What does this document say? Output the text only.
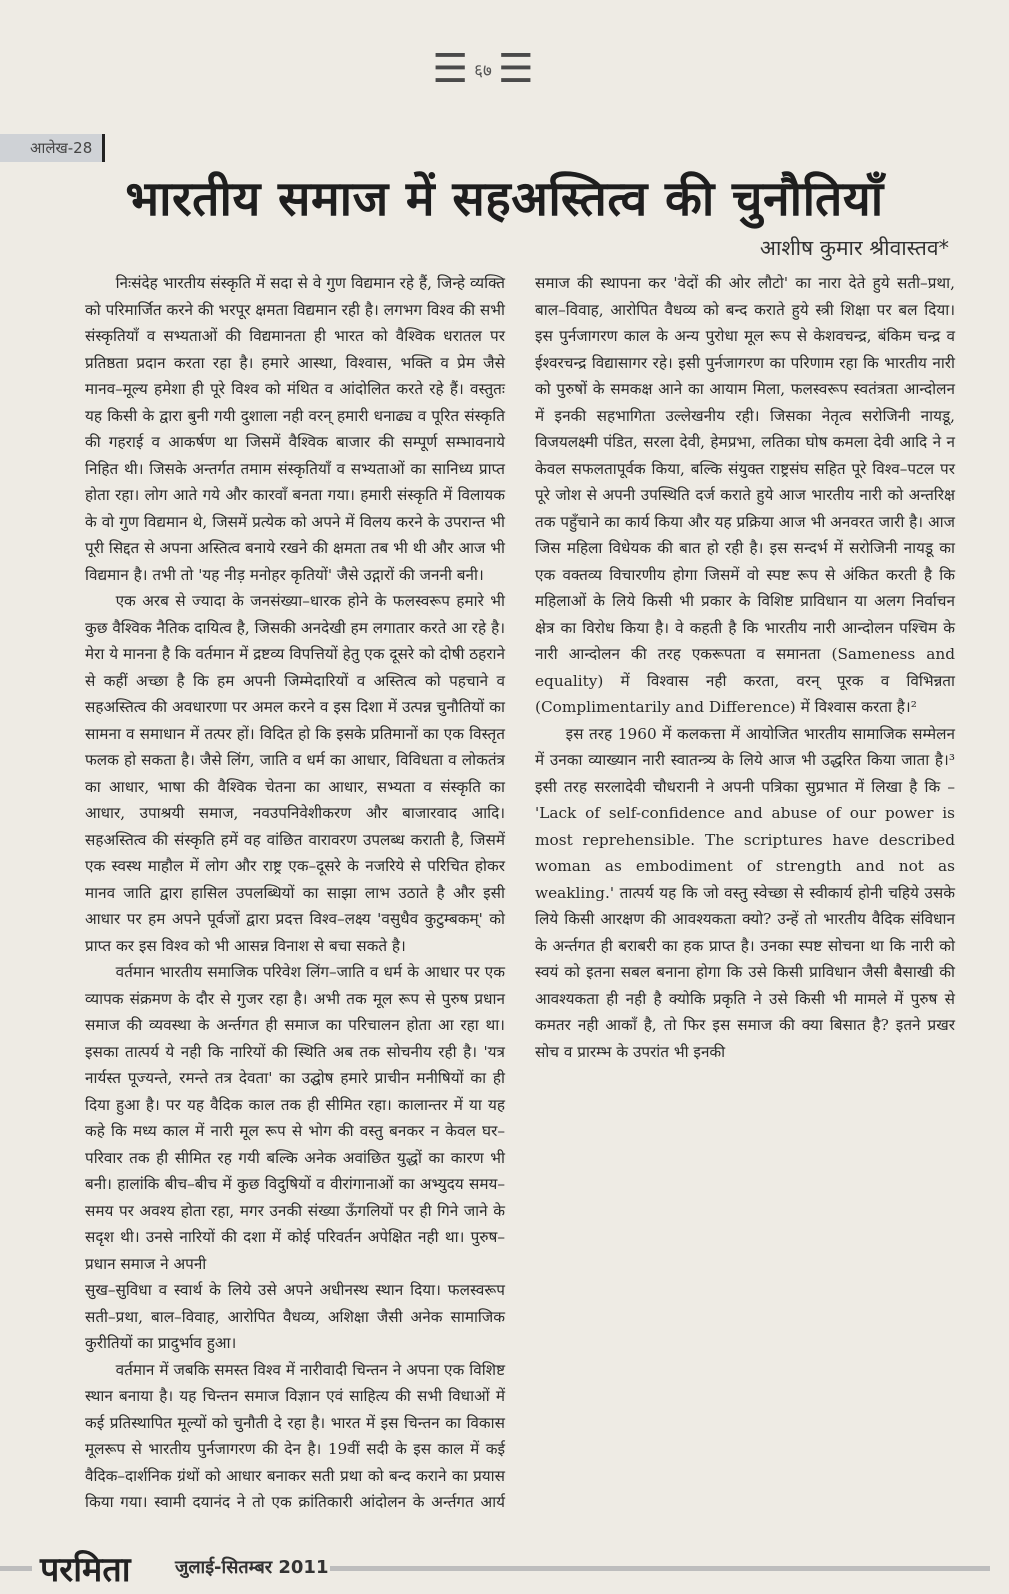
☰ ६७ ☰
आलेख-28
भारतीय समाज में सहअस्तित्व की चुनौतियाँ
आशीष कुमार श्रीवास्तव*

निःसंदेह भारतीय संस्कृति में सदा से वे गुण विद्यमान रहे हैं, जिन्हे व्यक्ति को परिमार्जित करने की भरपूर क्षमता विद्यमान रही है। लगभग विश्व की सभी संस्कृतियाँ व सभ्यताओं की विद्यमानता ही भारत को वैश्विक धरातल पर प्रतिष्ठता प्रदान करता रहा है। हमारे आस्था, विश्वास, भक्ति व प्रेम जैसे मानव–मूल्य हमेशा ही पूरे विश्व को मंथित व आंदोलित करते रहे हैं। वस्तुतः यह किसी के द्वारा बुनी गयी दुशाला नही वरन् हमारी धनाढ्य व पूरित संस्कृति की गहराई व आकर्षण था जिसमें वैश्विक बाजार की सम्पूर्ण सम्भावनाये निहित थी। जिसके अन्तर्गत तमाम संस्कृतियाँ व सभ्यताओं का सानिध्य प्राप्त होता रहा। लोग आते गये और कारवाँ बनता गया। हमारी संस्कृति में विलायक के वो गुण विद्यमान थे, जिसमें प्रत्येक को अपने में विलय करने के उपरान्त भी पूरी सिद्दत से अपना अस्तित्व बनाये रखने की क्षमता तब भी थी और आज भी विद्यमान है। तभी तो 'यह नीड़ मनोहर कृतियों' जैसे उद्गारों की जननी बनी।

एक अरब से ज्यादा के जनसंख्या–धारक होने के फलस्वरूप हमारे भी कुछ वैश्विक नैतिक दायित्व है, जिसकी अनदेखी हम लगातार करते आ रहे है। मेरा ये मानना है कि वर्तमान में द्रष्टव्य विपत्तियों हेतु एक दूसरे को दोषी ठहराने से कहीं अच्छा है कि हम अपनी जिम्मेदारियों व अस्तित्व को पहचाने व सहअस्तित्व की अवधारणा पर अमल करने व इस दिशा में उत्पन्न चुनौतियों का सामना व समाधान में तत्पर हों। विदित हो कि इसके प्रतिमानों का एक विस्तृत फलक हो सकता है। जैसे लिंग, जाति व धर्म का आधार, विविधता व लोकतंत्र का आधार, भाषा की वैश्विक चेतना का आधार, सभ्यता व संस्कृति का आधार, उपाश्रयी समाज, नवउपनिवेशीकरण और बाजारवाद आदि। सहअस्तित्व की संस्कृति हमें वह वांछित वारावरण उपलब्ध कराती है, जिसमें एक स्वस्थ माहौल में लोग और राष्ट्र एक–दूसरे के नजरिये से परिचित होकर मानव जाति द्वारा हासिल उपलब्धियों का साझा लाभ उठाते है और इसी आधार पर हम अपने पूर्वजों द्वारा प्रदत्त विश्व–लक्ष्य 'वसुधैव कुटुम्बकम्' को प्राप्त कर इस विश्व को भी आसन्न विनाश से बचा सकते है।

वर्तमान भारतीय समाजिक परिवेश लिंग–जाति व धर्म के आधार पर एक व्यापक संक्रमण के दौर से गुजर रहा है। अभी तक मूल रूप से पुरुष प्रधान समाज की व्यवस्था के अर्न्तगत ही समाज का परिचालन होता आ रहा था। इसका तात्पर्य ये नही कि नारियों की स्थिति अब तक सोचनीय रही है। 'यत्र नार्यस्त पूज्यन्ते, रमन्ते तत्र देवता' का उद्घोष हमारे प्राचीन मनीषियों का ही दिया हुआ है। पर यह वैदिक काल तक ही सीमित रहा। कालान्तर में या यह कहे कि मध्य काल में नारी मूल रूप से भोग की वस्तु बनकर न केवल घर–परिवार तक ही सीमित रह गयी बल्कि अनेक अवांछित युद्धों का कारण भी बनी। हालांकि बीच–बीच में कुछ विदुषियों व वीरांगानाओं का अभ्युदय समय–समय पर अवश्य होता रहा, मगर उनकी संख्या ऊँगलियों पर ही गिने जाने के सदृश थी। उनसे नारियों की दशा में कोई परिवर्तन अपेक्षित नही था। पुरुष–प्रधान समाज ने अपनी

सुख–सुविधा व स्वार्थ के लिये उसे अपने अधीनस्थ स्थान दिया। फलस्वरूप सती–प्रथा, बाल–विवाह, आरोपित वैधव्य, अशिक्षा जैसी अनेक सामाजिक कुरीतियों का प्रादुर्भाव हुआ।

वर्तमान में जबकि समस्त विश्व में नारीवादी चिन्तन ने अपना एक विशिष्ट स्थान बनाया है। यह चिन्तन समाज विज्ञान एवं साहित्य की सभी विधाओं में कई प्रतिस्थापित मूल्यों को चुनौती दे रहा है। भारत में इस चिन्तन का विकास मूलरूप से भारतीय पुर्नजागरण की देन है। 19वीं सदी के इस काल में कई वैदिक–दार्शनिक ग्रंथों को आधार बनाकर सती प्रथा को बन्द कराने का प्रयास किया गया। स्वामी दयानंद ने तो एक क्रांतिकारी आंदोलन के अर्न्तगत आर्य समाज की स्थापना कर 'वेदों की ओर लौटो' का नारा देते हुये सती–प्रथा, बाल–विवाह, आरोपित वैधव्य को बन्द कराते हुये स्त्री शिक्षा पर बल दिया। इस पुर्नजागरण काल के अन्य पुरोधा मूल रूप से केशवचन्द्र, बंकिम चन्द्र व ईश्वरचन्द्र विद्यासागर रहे। इसी पुर्नजागरण का परिणाम रहा कि भारतीय नारी को पुरुषों के समकक्ष आने का आयाम मिला, फलस्वरूप स्वतंत्रता आन्दोलन में इनकी सहभागिता उल्लेखनीय रही। जिसका नेतृत्व सरोजिनी नायडू, विजयलक्ष्मी पंडित, सरला देवी, हेमप्रभा, लतिका घोष कमला देवी आदि ने न केवल सफलतापूर्वक किया, बल्कि संयुक्त राष्ट्रसंघ सहित पूरे विश्व–पटल पर पूरे जोश से अपनी उपस्थिति दर्ज कराते हुये आज भारतीय नारी को अन्तरिक्ष तक पहुँचाने का कार्य किया और यह प्रक्रिया आज भी अनवरत जारी है। आज जिस महिला विधेयक की बात हो रही है। इस सन्दर्भ में सरोजिनी नायडू का एक वक्तव्य विचारणीय होगा जिसमें वो स्पष्ट रूप से अंकित करती है कि महिलाओं के लिये किसी भी प्रकार के विशिष्ट प्राविधान या अलग निर्वाचन क्षेत्र का विरोध किया है। वे कहती है कि भारतीय नारी आन्दोलन पश्चिम के नारी आन्दोलन की तरह एकरूपता व समानता (Sameness and equality) में विश्वास नही करता, वरन् पूरक व विभिन्नता (Complimentarily and Difference) में विश्वास करता है।²

इस तरह 1960 में कलकत्ता में आयोजित भारतीय सामाजिक सम्मेलन में उनका व्याख्यान नारी स्वातन्त्र्य के लिये आज भी उद्धरित किया जाता है।³ इसी तरह सरलादेवी चौधरानी ने अपनी पत्रिका सुप्रभात में लिखा है कि – 'Lack of self-confidence and abuse of our power is most reprehensible. The scriptures have described woman as embodiment of strength and not as weakling.' तात्पर्य यह कि जो वस्तु स्वेच्छा से स्वीकार्य होनी चहिये उसके लिये किसी आरक्षण की आवश्यकता क्यो? उन्हें तो भारतीय वैदिक संविधान के अर्न्तगत ही बराबरी का हक प्राप्त है। उनका स्पष्ट सोचना था कि नारी को स्वयं को इतना सबल बनाना होगा कि उसे किसी प्राविधान जैसी बैसाखी की आवश्यकता ही नही है क्योकि प्रकृति ने उसे किसी भी मामले में पुरुष से कमतर नही आकाँ है, तो फिर इस समाज की क्या बिसात है? इतने प्रखर सोच व प्रारम्भ के उपरांत भी इनकी

परमिता जुलाई-सितम्बर 2011
